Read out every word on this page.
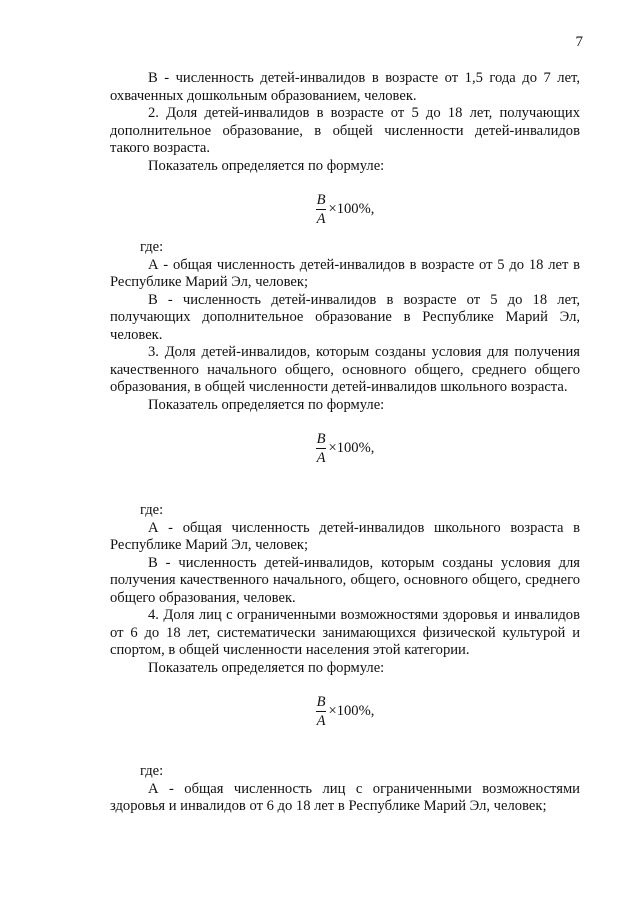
7

В - численность детей-инвалидов в возрасте от 1,5 года до 7 лет, охваченных дошкольным образованием, человек.

2. Доля детей-инвалидов в возрасте от 5 до 18 лет, получающих дополнительное образование, в общей численности детей-инвалидов такого возраста.

Показатель определяется по формуле:

$\frac{B}{A} \times 100\%$,

где:

А - общая численность детей-инвалидов в возрасте от 5 до 18 лет в Республике Марий Эл, человек;

В - численность детей-инвалидов в возрасте от 5 до 18 лет, получающих дополнительное образование в Республике Марий Эл, человек.

3. Доля детей-инвалидов, которым созданы условия для получения качественного начального общего, основного общего, среднего общего образования, в общей численности детей-инвалидов школьного возраста.

Показатель определяется по формуле:

$\frac{B}{A} \times 100\%$,

где:

А - общая численность детей-инвалидов школьного возраста в Республике Марий Эл, человек;

В - численность детей-инвалидов, которым созданы условия для получения качественного начального, общего, основного общего, среднего общего образования, человек.

4. Доля лиц с ограниченными возможностями здоровья и инвалидов от 6 до 18 лет, систематически занимающихся физической культурой и спортом, в общей численности населения этой категории.

Показатель определяется по формуле:

$\frac{B}{A} \times 100\%$,

где:

А - общая численность лиц с ограниченными возможностями здоровья и инвалидов от 6 до 18 лет в Республике Марий Эл, человек;
